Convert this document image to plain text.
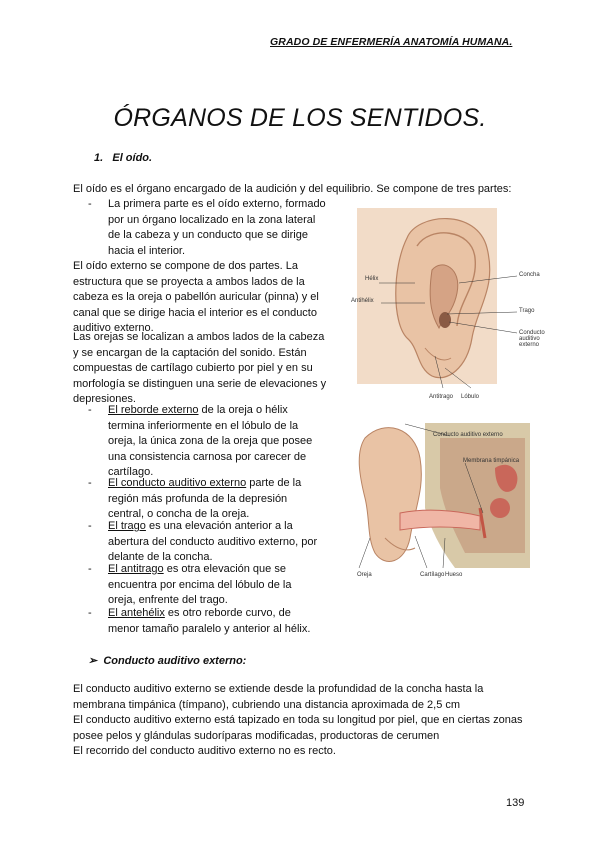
GRADO DE ENFERMERÍA ANATOMÍA HUMANA.
ÓRGANOS DE LOS SENTIDOS.
1. El oído.
El oído es el órgano encargado de la audición y del equilibrio. Se compone de tres partes:
- La primera parte es el oído externo, formado
por un órgano localizado en la zona lateral
de la cabeza y un conducto que se dirige
hacia el interior.
El oído externo se compone de dos partes. La
estructura que se proyecta a ambos lados de la
cabeza es la oreja o pabellón auricular (pinna) y el
canal que se dirige hacia el interior es el conducto
auditivo externo.
Las orejas se localizan a ambos lados de la cabeza
y se encargan de la captación del sonido. Están
compuestas de cartílago cubierto por piel y en su
morfología se distinguen una serie de elevaciones y
depresiones.
- El reborde externo de la oreja o hélix
termina inferiormente en el lóbulo de la
oreja, la única zona de la oreja que posee
una consistencia carnosa por carecer de
cartílago.
- El conducto auditivo externo parte de la
región más profunda de la depresión
central, o concha de la oreja.
- El trago es una elevación anterior a la
abertura del conducto auditivo externo, por
delante de la concha.
- El antitrago es otra elevación que se
encuentra por encima del lóbulo de la
oreja, enfrente del trago.
- El antehélix es otro reborde curvo, de
menor tamaño paralelo y anterior al hélix.
➢ Conducto auditivo externo:
El conducto auditivo externo se extiende desde la profundidad de la concha hasta la
membrana timpánica (tímpano), cubriendo una distancia aproximada de 2,5 cm
El conducto auditivo externo está tapizado en toda su longitud por piel, que en ciertas zonas
posee pelos y glándulas sudoríparas modificadas, productoras de cerumen
El recorrido del conducto auditivo externo no es recto.
139
Hélix
Antihélix
Concha
Trago
Conducto
auditivo
externo
Antitrago Lóbulo
Conducto auditivo externo
Membrana timpánica
Oreja	Cartílago Hueso
